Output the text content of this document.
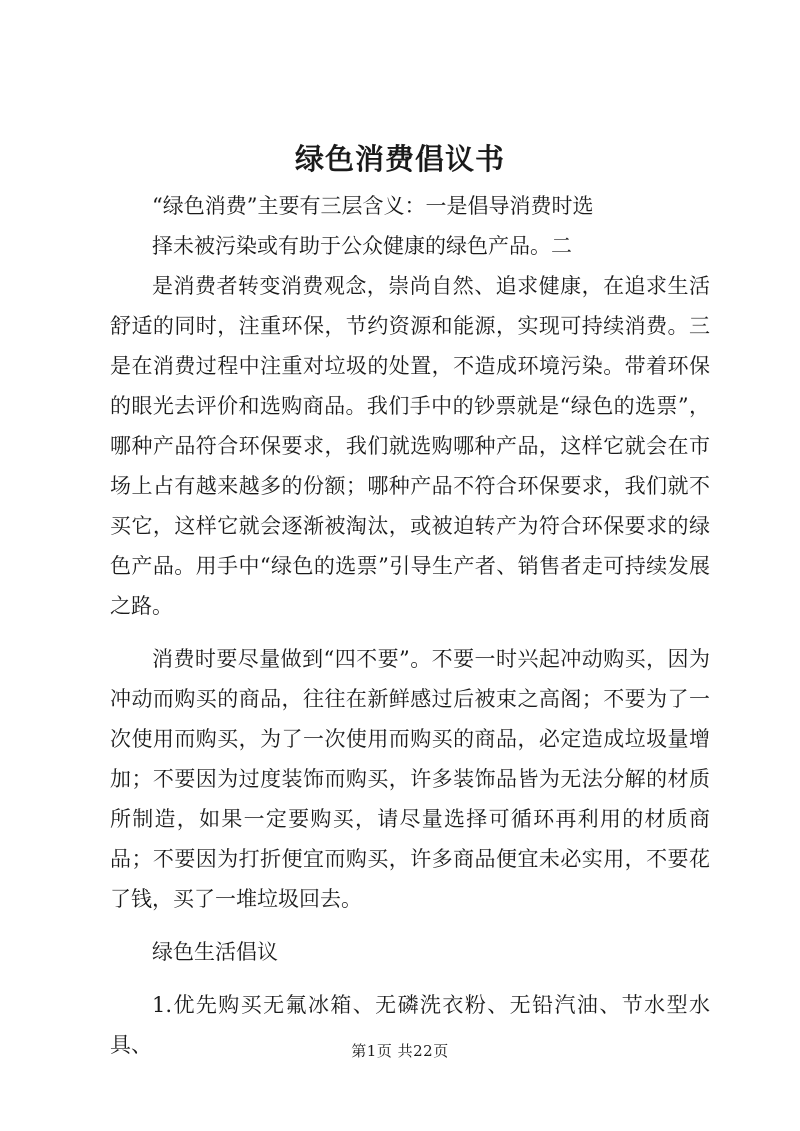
绿色消费倡议书

“绿色消费”主要有三层含义：一是倡导消费时选

择未被污染或有助于公众健康的绿色产品。二

是消费者转变消费观念，崇尚自然、追求健康，在追求生活舒适的同时，注重环保，节约资源和能源，实现可持续消费。三是在消费过程中注重对垃圾的处置，不造成环境污染。带着环保的眼光去评价和选购商品。我们手中的钞票就是“绿色的选票”，哪种产品符合环保要求，我们就选购哪种产品，这样它就会在市场上占有越来越多的份额；哪种产品不符合环保要求，我们就不买它，这样它就会逐渐被淘汰，或被迫转产为符合环保要求的绿色产品。用手中“绿色的选票”引导生产者、销售者走可持续发展之路。

消费时要尽量做到“四不要”。不要一时兴起冲动购买，因为冲动而购买的商品，往往在新鲜感过后被束之高阁；不要为了一次使用而购买，为了一次使用而购买的商品，必定造成垃圾量增加；不要因为过度装饰而购买，许多装饰品皆为无法分解的材质所制造，如果一定要购买，请尽量选择可循环再利用的材质商品；不要因为打折便宜而购买，许多商品便宜未必实用，不要花了钱，买了一堆垃圾回去。

绿色生活倡议

1.优先购买无氟冰箱、无磷洗衣粉、无铅汽油、节水型水具、	第1页 共22页
